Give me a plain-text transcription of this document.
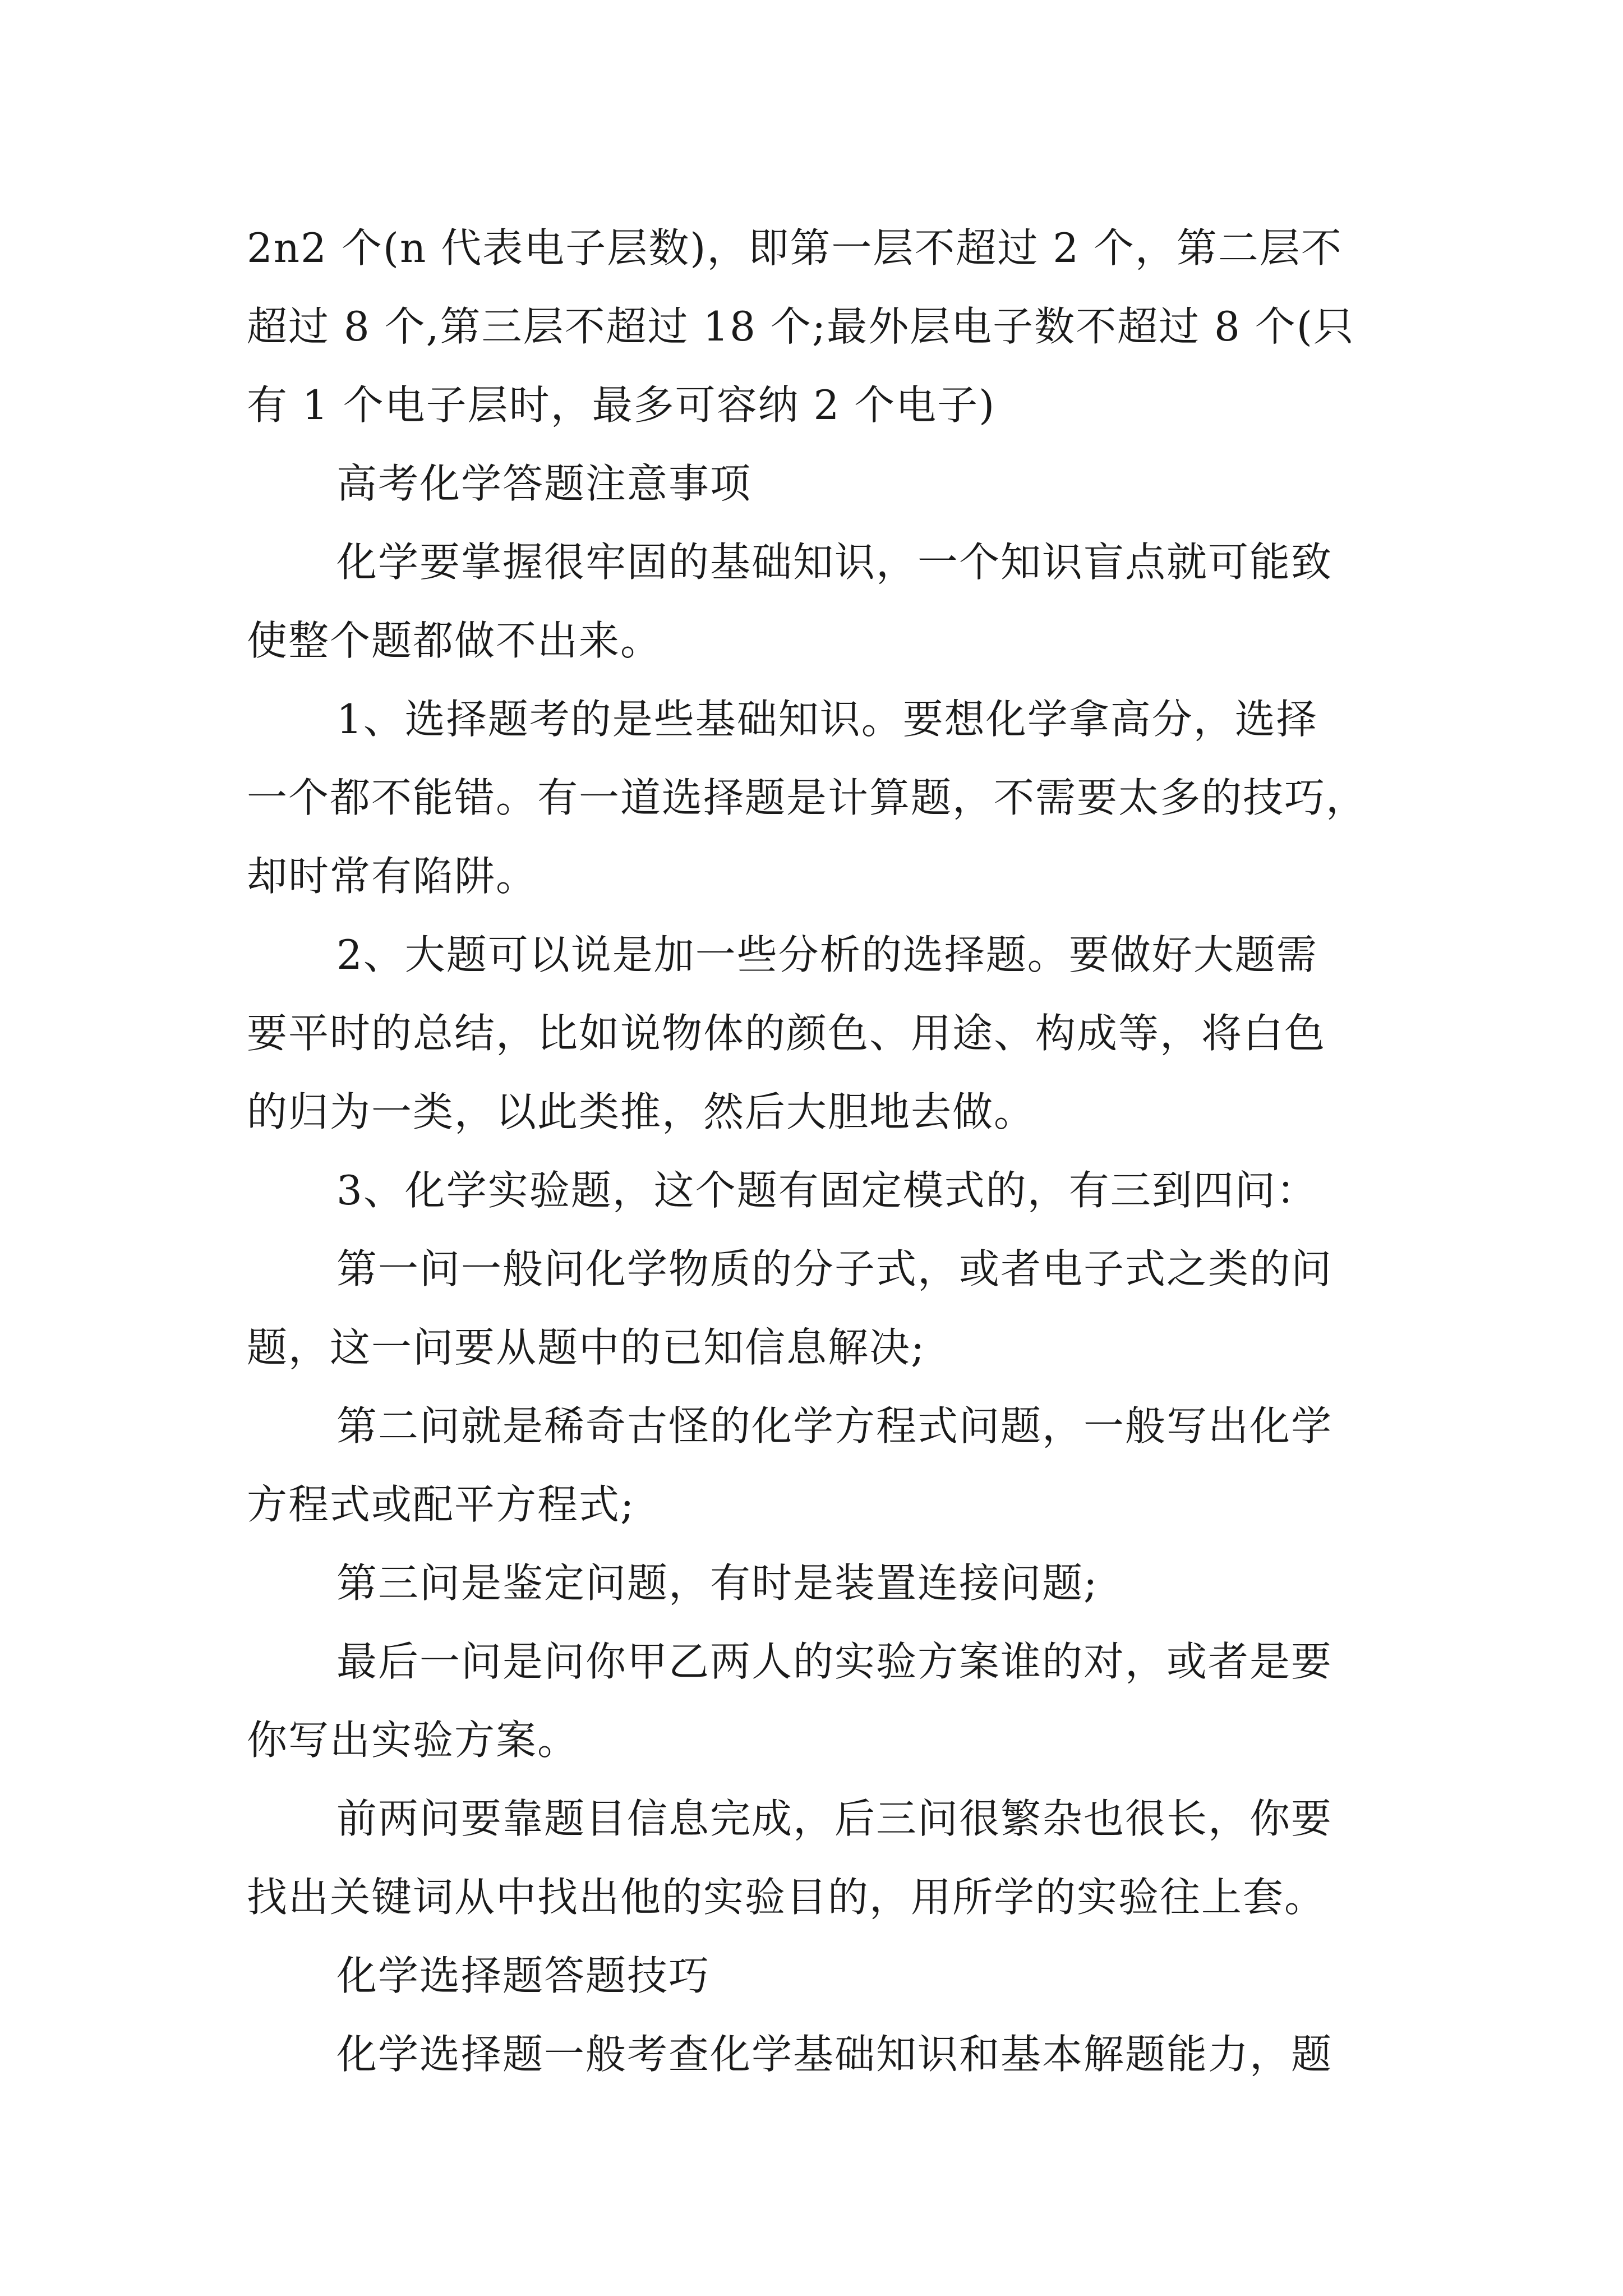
2n2 个(n 代表电子层数)，即第一层不超过 2 个，第二层不
超过 8 个,第三层不超过 18 个;最外层电子数不超过 8 个(只
有 1 个电子层时，最多可容纳 2 个电子)

高考化学答题注意事项

化学要掌握很牢固的基础知识，一个知识盲点就可能致
使整个题都做不出来。

1、选择题考的是些基础知识。要想化学拿高分，选择
一个都不能错。有一道选择题是计算题，不需要太多的技巧，
却时常有陷阱。

2、大题可以说是加一些分析的选择题。要做好大题需
要平时的总结，比如说物体的颜色、用途、构成等，将白色
的归为一类，以此类推，然后大胆地去做。

3、化学实验题，这个题有固定模式的，有三到四问：

第一问一般问化学物质的分子式，或者电子式之类的问
题，这一问要从题中的已知信息解决;

第二问就是稀奇古怪的化学方程式问题，一般写出化学
方程式或配平方程式;

第三问是鉴定问题，有时是装置连接问题;

最后一问是问你甲乙两人的实验方案谁的对，或者是要
你写出实验方案。

前两问要靠题目信息完成，后三问很繁杂也很长，你要
找出关键词从中找出他的实验目的，用所学的实验往上套。

化学选择题答题技巧

化学选择题一般考查化学基础知识和基本解题能力，题
